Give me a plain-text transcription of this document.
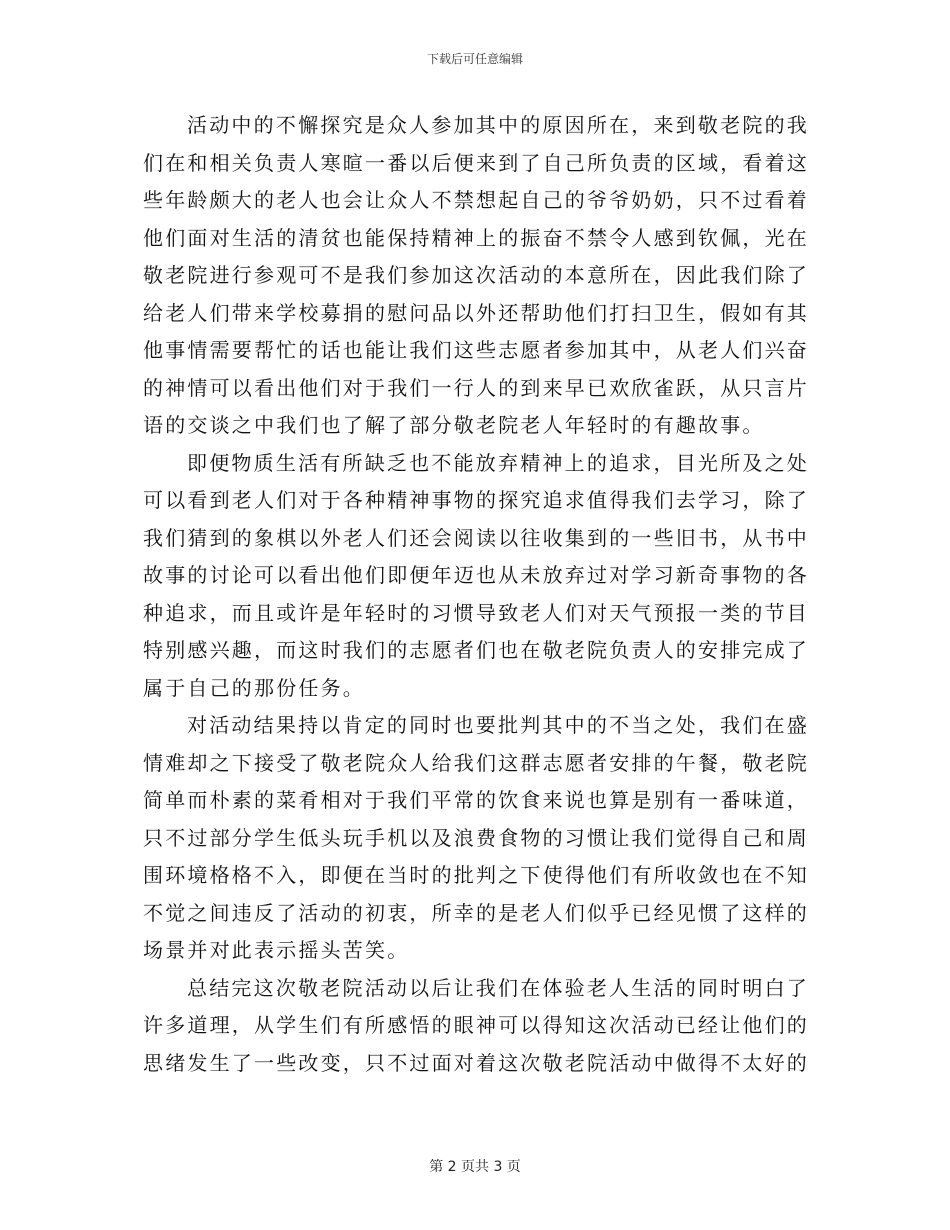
下载后可任意编辑

活动中的不懈探究是众人参加其中的原因所在，来到敬老院的我们在和相关负责人寒暄一番以后便来到了自己所负责的区域，看着这些年龄颇大的老人也会让众人不禁想起自己的爷爷奶奶，只不过看着他们面对生活的清贫也能保持精神上的振奋不禁令人感到钦佩，光在敬老院进行参观可不是我们参加这次活动的本意所在，因此我们除了给老人们带来学校募捐的慰问品以外还帮助他们打扫卫生，假如有其他事情需要帮忙的话也能让我们这些志愿者参加其中，从老人们兴奋的神情可以看出他们对于我们一行人的到来早已欢欣雀跃，从只言片语的交谈之中我们也了解了部分敬老院老人年轻时的有趣故事。

即便物质生活有所缺乏也不能放弃精神上的追求，目光所及之处可以看到老人们对于各种精神事物的探究追求值得我们去学习，除了我们猜到的象棋以外老人们还会阅读以往收集到的一些旧书，从书中故事的讨论可以看出他们即便年迈也从未放弃过对学习新奇事物的各种追求，而且或许是年轻时的习惯导致老人们对天气预报一类的节目特别感兴趣，而这时我们的志愿者们也在敬老院负责人的安排完成了属于自己的那份任务。

对活动结果持以肯定的同时也要批判其中的不当之处，我们在盛情难却之下接受了敬老院众人给我们这群志愿者安排的午餐，敬老院简单而朴素的菜肴相对于我们平常的饮食来说也算是别有一番味道，只不过部分学生低头玩手机以及浪费食物的习惯让我们觉得自己和周围环境格格不入，即便在当时的批判之下使得他们有所收敛也在不知不觉之间违反了活动的初衷，所幸的是老人们似乎已经见惯了这样的场景并对此表示摇头苦笑。

总结完这次敬老院活动以后让我们在体验老人生活的同时明白了许多道理，从学生们有所感悟的眼神可以得知这次活动已经让他们的思绪发生了一些改变，只不过面对着这次敬老院活动中做得不太好的

第 2 页共 3 页
